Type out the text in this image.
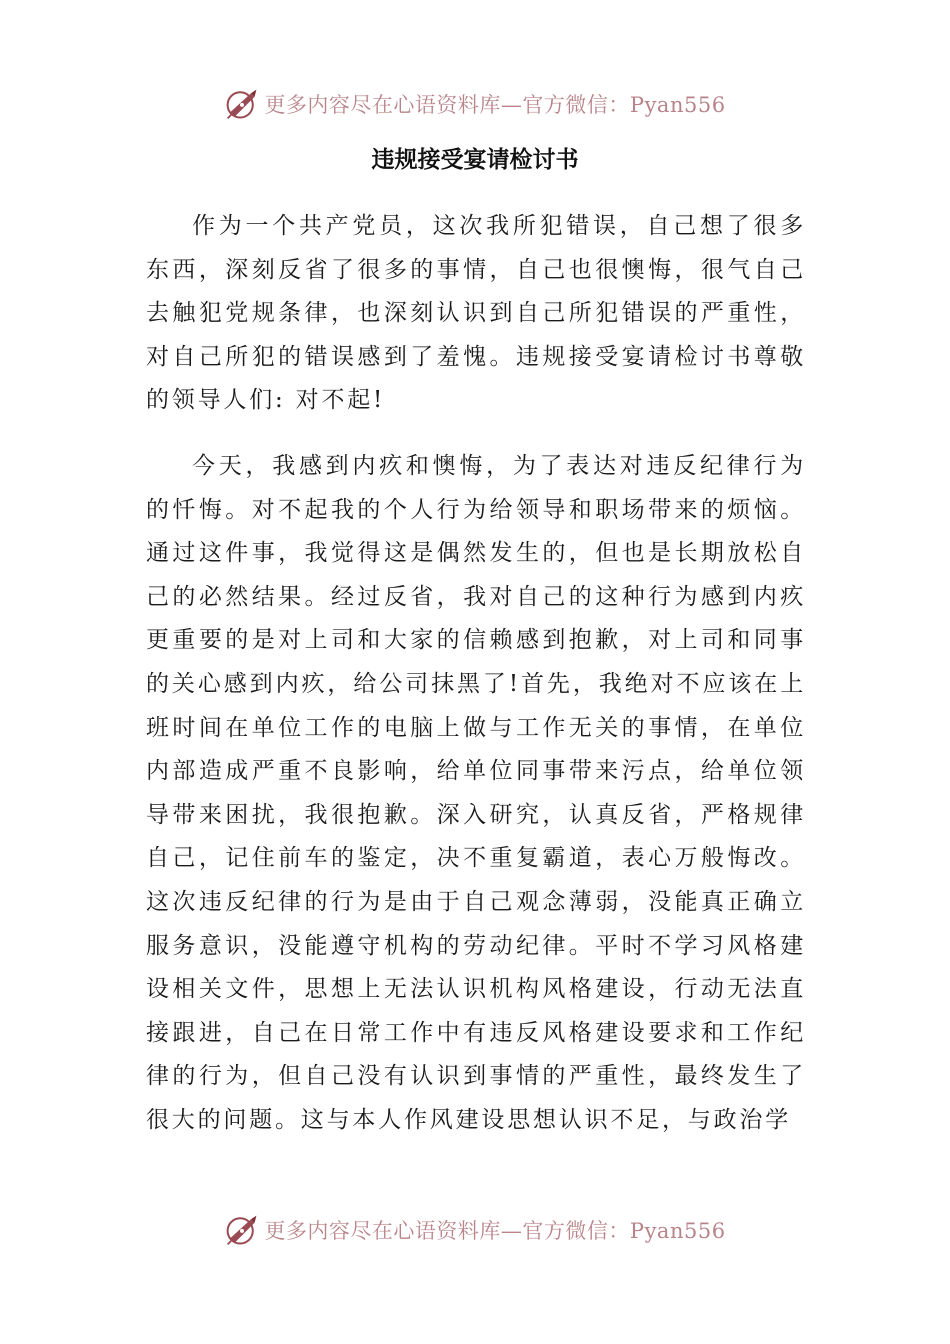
更多内容尽在心语资料库—官方微信：Pyan556
违规接受宴请检讨书

作为一个共产党员，这次我所犯错误，自己想了很多东西，深刻反省了很多的事情，自己也很懊悔，很气自己去触犯党规条律，也深刻认识到自己所犯错误的严重性，对自己所犯的错误感到了羞愧。违规接受宴请检讨书尊敬的领导人们: 对不起!

今天，我感到内疚和懊悔，为了表达对违反纪律行为的忏悔。对不起我的个人行为给领导和职场带来的烦恼。通过这件事，我觉得这是偶然发生的，但也是长期放松自己的必然结果。经过反省，我对自己的这种行为感到内疚更重要的是对上司和大家的信赖感到抱歉，对上司和同事的关心感到内疚，给公司抹黑了!首先，我绝对不应该在上班时间在单位工作的电脑上做与工作无关的事情，在单位内部造成严重不良影响，给单位同事带来污点，给单位领导带来困扰，我很抱歉。深入研究，认真反省，严格规律自己，记住前车的鉴定，决不重复霸道，表心万般悔改。这次违反纪律的行为是由于自己观念薄弱，没能真正确立服务意识，没能遵守机构的劳动纪律。平时不学习风格建设相关文件，思想上无法认识机构风格建设，行动无法直接跟进，自己在日常工作中有违反风格建设要求和工作纪律的行为，但自己没有认识到事情的严重性，最终发生了很大的问题。这与本人作风建设思想认识不足，与政治学

更多内容尽在心语资料库—官方微信：Pyan556
